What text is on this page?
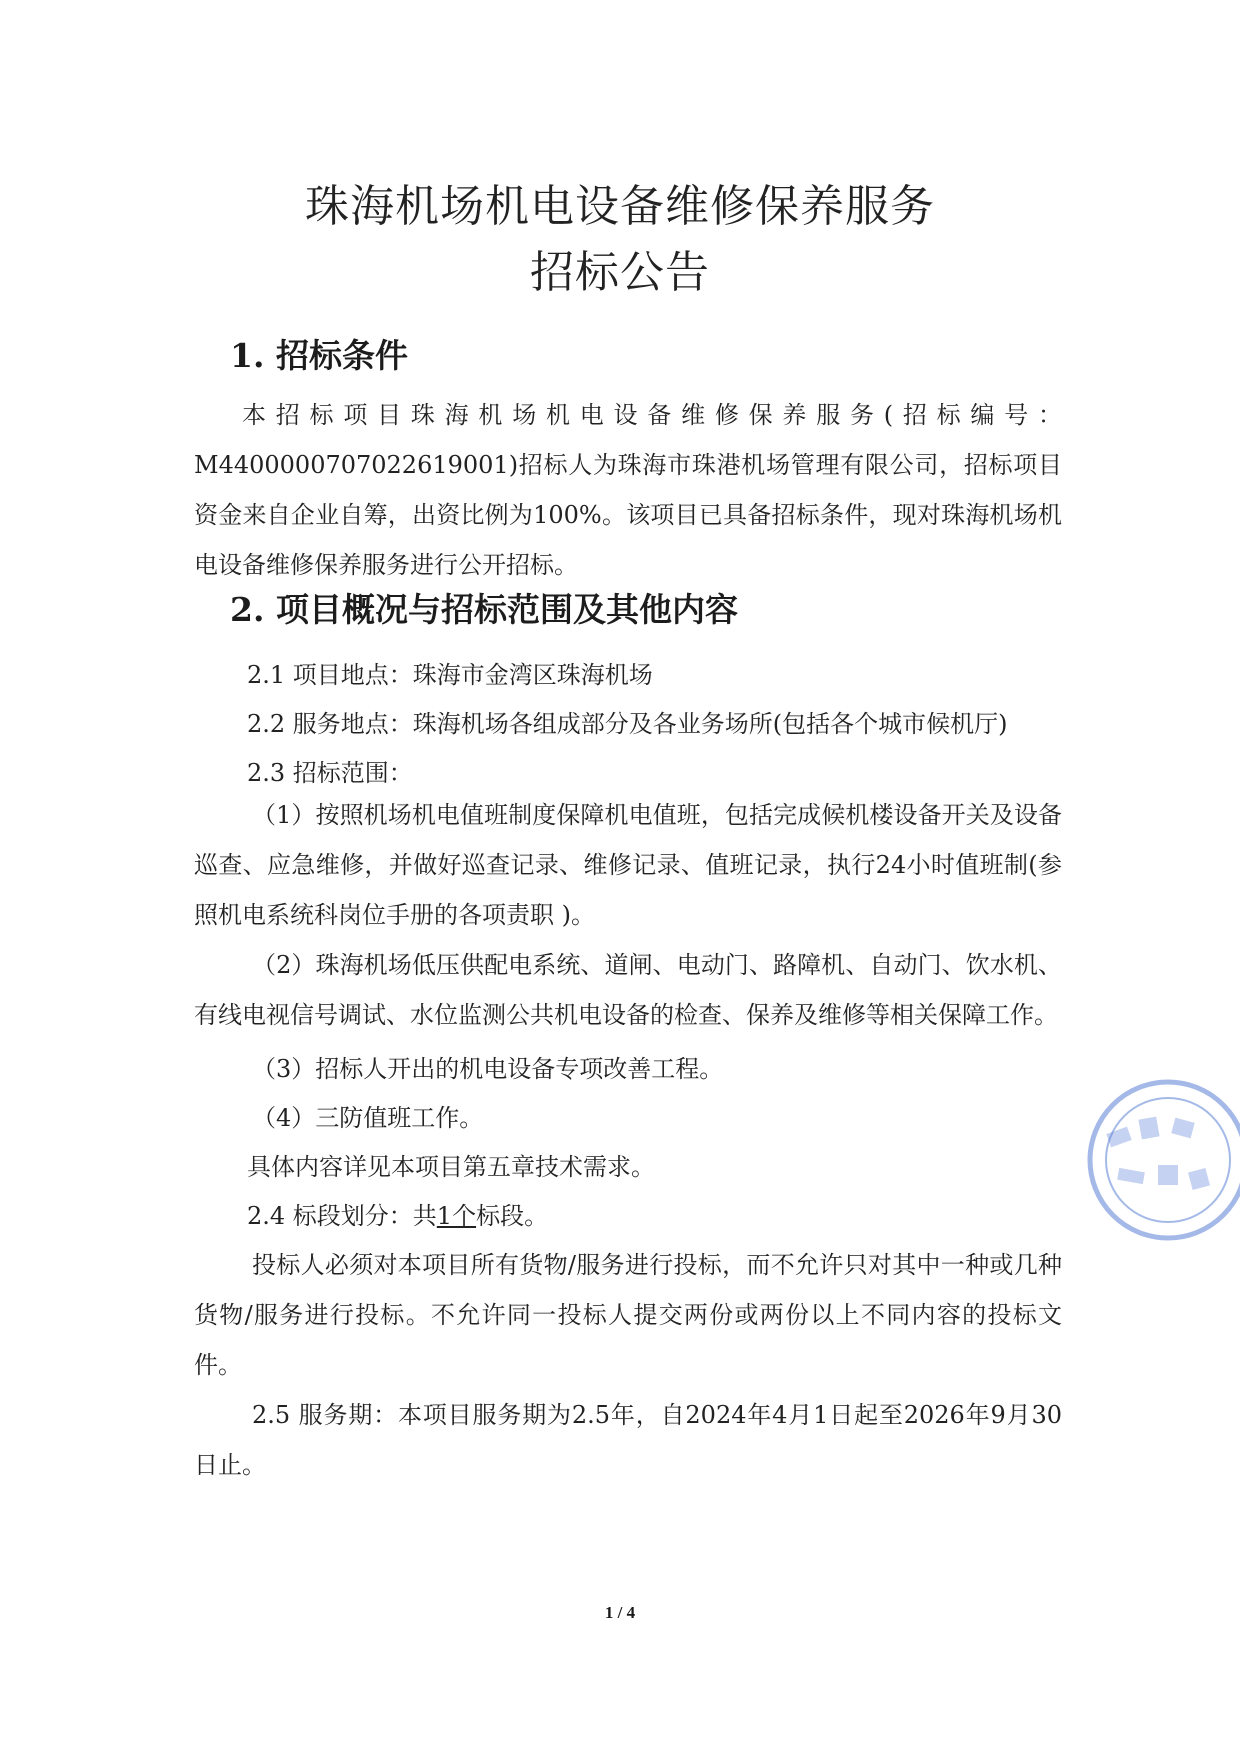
珠海机场机电设备维修保养服务
招标公告
1. 招标条件
本招标项目珠海机场机电设备维修保养服务(招标编号：M4400000707022619001)招标人为珠海市珠港机场管理有限公司，招标项目资金来自企业自筹，出资比例为100%。该项目已具备招标条件，现对珠海机场机电设备维修保养服务进行公开招标。
2. 项目概况与招标范围及其他内容
2.1 项目地点：珠海市金湾区珠海机场
2.2 服务地点：珠海机场各组成部分及各业务场所(包括各个城市候机厅)
2.3 招标范围：
（1）按照机场机电值班制度保障机电值班，包括完成候机楼设备开关及设备巡查、应急维修，并做好巡查记录、维修记录、值班记录，执行24小时值班制(参照机电系统科岗位手册的各项责职 )。
（2）珠海机场低压供配电系统、道闸、电动门、路障机、自动门、饮水机、有线电视信号调试、水位监测公共机电设备的检查、保养及维修等相关保障工作。
（3）招标人开出的机电设备专项改善工程。
（4）三防值班工作。
具体内容详见本项目第五章技术需求。
2.4 标段划分：共1个标段。
投标人必须对本项目所有货物/服务进行投标，而不允许只对其中一种或几种货物/服务进行投标。不允许同一投标人提交两份或两份以上不同内容的投标文件。
2.5 服务期：本项目服务期为2.5年，自2024年4月1日起至2026年9月30日止。
1 / 4
